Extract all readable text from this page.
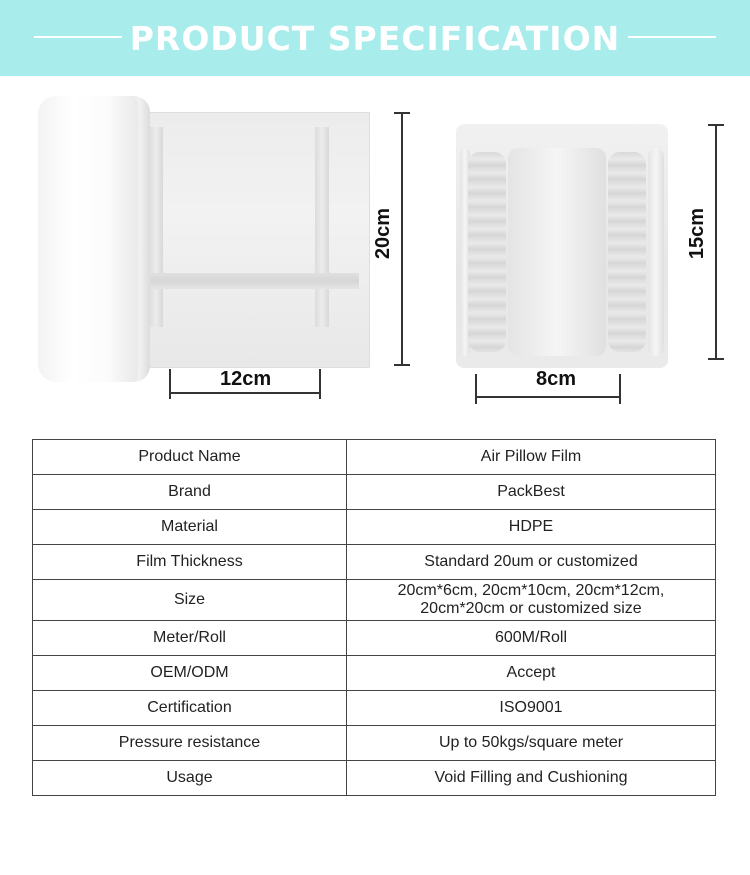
PRODUCT SPECIFICATION
20cm
12cm
15cm
8cm
Product Name	Air Pillow Film
Brand	PackBest
Material	HDPE
Film Thickness	Standard 20um or customized
Size	20cm*6cm, 20cm*10cm, 20cm*12cm,
20cm*20cm or customized size

Meter/Roll	600M/Roll
OEM/ODM	Accept
Certification	ISO9001
Pressure resistance	Up to 50kgs/square meter
Usage	Void Filling and Cushioning
